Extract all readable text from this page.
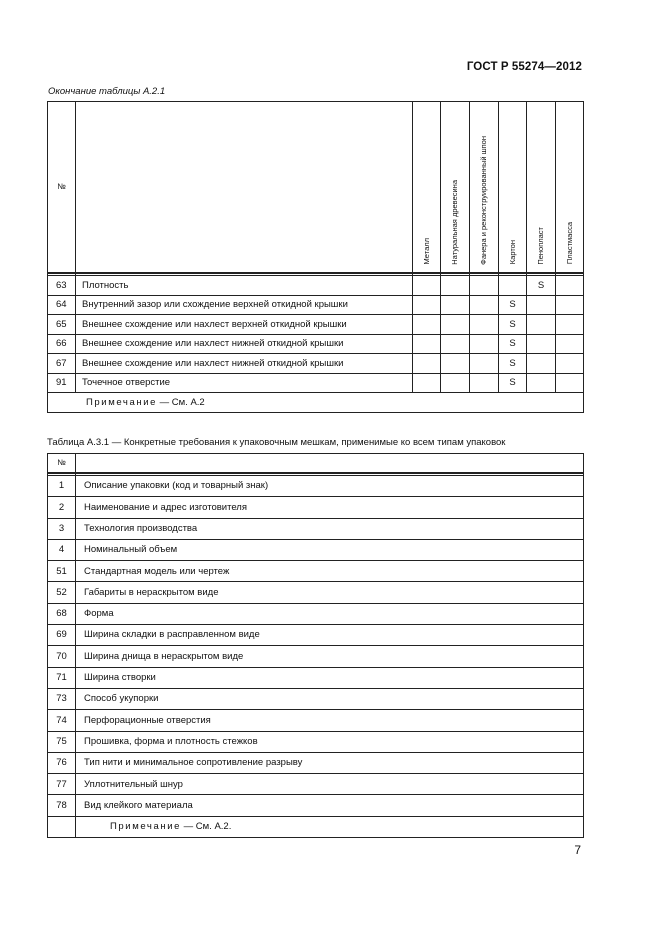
ГОСТ Р 55274—2012
Окончание таблицы А.2.1
№		Металл	Натуральная древесина	Фанера и реконструированный шпон	Картон	Пенопласт	Пластмасса

63	Плотность					S	
64	Внутренний зазор или схождение верхней откидной крышки				S		
65	Внешнее схождение или нахлест верхней откидной крышки				S		
66	Внешнее схождение или нахлест нижней откидной крышки				S		
67	Внешнее схождение или нахлест нижней откидной крышки				S		
91	Точечное отверстие				S		
Примечание — См. А.2							
Таблица А.3.1 — Конкретные требования к упаковочным мешкам, применимые ко всем типам упаковок
№	

1	Описание упаковки (код и товарный знак)
2	Наименование и адрес изготовителя
3	Технология производства
4	Номинальный объем
51	Стандартная модель или чертеж
52	Габариты в нераскрытом виде
68	Форма
69	Ширина складки в расправленном виде
70	Ширина днища в нераскрытом виде
71	Ширина створки
73	Способ укупорки
74	Перфорационные отверстия
75	Прошивка, форма и плотность стежков
76	Тип нити и минимальное сопротивление разрыву
77	Уплотнительный шнур
78	Вид клейкого материала
	Примечание — См. А.2.
7
